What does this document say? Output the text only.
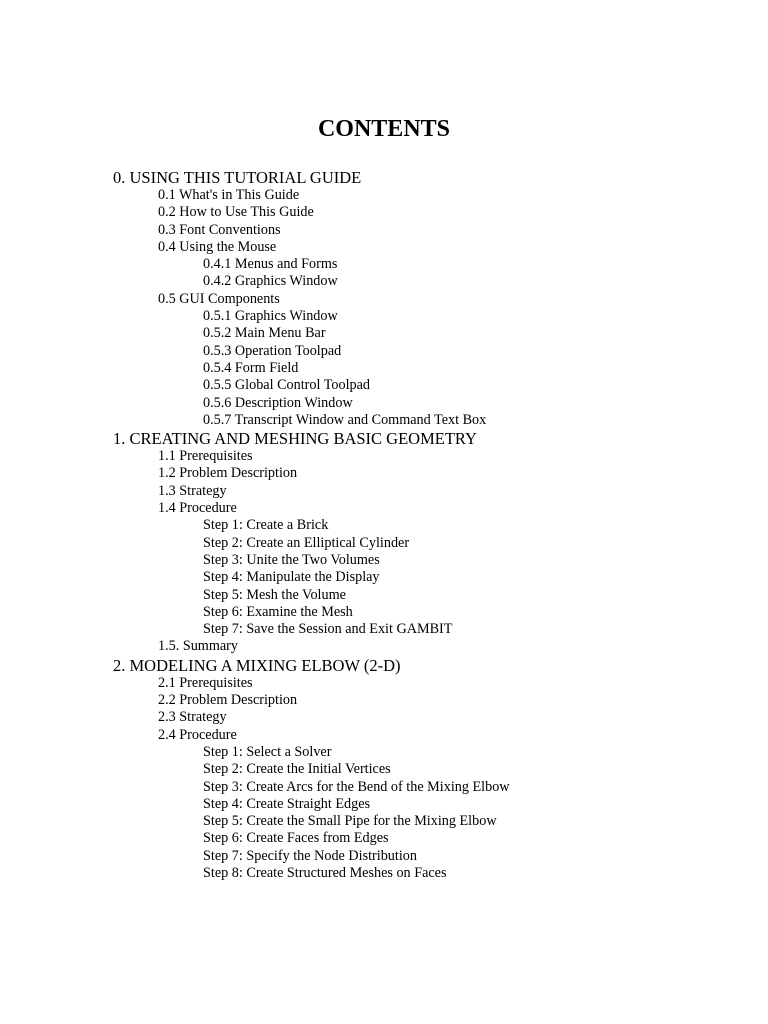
CONTENTS
0. USING THIS TUTORIAL GUIDE
0.1 What's in This Guide
0.2 How to Use This Guide
0.3 Font Conventions
0.4 Using the Mouse
0.4.1 Menus and Forms
0.4.2 Graphics Window
0.5 GUI Components
0.5.1 Graphics Window
0.5.2 Main Menu Bar
0.5.3 Operation Toolpad
0.5.4 Form Field
0.5.5 Global Control Toolpad
0.5.6 Description Window
0.5.7 Transcript Window and Command Text Box
1. CREATING AND MESHING BASIC GEOMETRY
1.1 Prerequisites
1.2 Problem Description
1.3 Strategy
1.4 Procedure
Step 1: Create a Brick
Step 2: Create an Elliptical Cylinder
Step 3: Unite the Two Volumes
Step 4: Manipulate the Display
Step 5: Mesh the Volume
Step 6: Examine the Mesh
Step 7: Save the Session and Exit GAMBIT
1.5. Summary
2. MODELING A MIXING ELBOW (2-D)
2.1 Prerequisites
2.2 Problem Description
2.3 Strategy
2.4 Procedure
Step 1: Select a Solver
Step 2: Create the Initial Vertices
Step 3: Create Arcs for the Bend of the Mixing Elbow
Step 4: Create Straight Edges
Step 5: Create the Small Pipe for the Mixing Elbow
Step 6: Create Faces from Edges
Step 7: Specify the Node Distribution
Step 8: Create Structured Meshes on Faces
